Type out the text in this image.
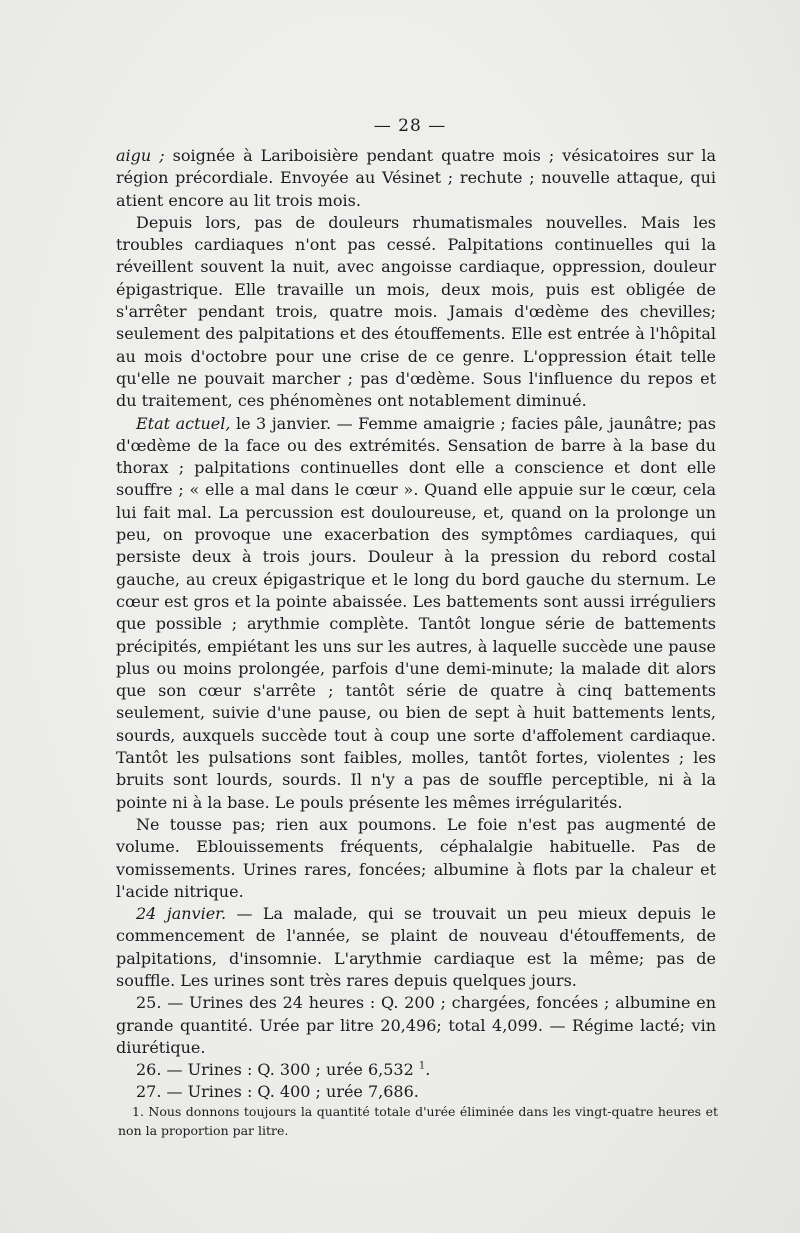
— 28 —

aigu ; soignée à Lariboisière pendant quatre mois ; vésicatoires sur la région précordiale. Envoyée au Vésinet ; rechute ; nouvelle attaque, qui atient encore au lit trois mois.

Depuis lors, pas de douleurs rhumatismales nouvelles. Mais les troubles cardiaques n'ont pas cessé. Palpitations continuelles qui la réveillent souvent la nuit, avec angoisse cardiaque, oppression, douleur épigastrique. Elle travaille un mois, deux mois, puis est obligée de s'arrêter pendant trois, quatre mois. Jamais d'œdème des chevilles; seulement des palpitations et des étouffements. Elle est entrée à l'hôpital au mois d'octobre pour une crise de ce genre. L'oppression était telle qu'elle ne pouvait marcher ; pas d'œdème. Sous l'influence du repos et du traitement, ces phénomènes ont notablement diminué.

Etat actuel, le 3 janvier. — Femme amaigrie ; facies pâle, jaunâtre; pas d'œdème de la face ou des extrémités. Sensation de barre à la base du thorax ; palpitations continuelles dont elle a conscience et dont elle souffre ; « elle a mal dans le cœur ». Quand elle appuie sur le cœur, cela lui fait mal. La percussion est douloureuse, et, quand on la prolonge un peu, on provoque une exacerbation des symptômes cardiaques, qui persiste deux à trois jours. Douleur à la pression du rebord costal gauche, au creux épigastrique et le long du bord gauche du sternum. Le cœur est gros et la pointe abaissée. Les battements sont aussi irréguliers que possible ; arythmie complète. Tantôt longue série de battements précipités, empiétant les uns sur les autres, à laquelle succède une pause plus ou moins prolongée, parfois d'une demi-minute; la malade dit alors que son cœur s'arrête ; tantôt série de quatre à cinq battements seulement, suivie d'une pause, ou bien de sept à huit battements lents, sourds, auxquels succède tout à coup une sorte d'affolement cardiaque. Tantôt les pulsations sont faibles, molles, tantôt fortes, violentes ; les bruits sont lourds, sourds. Il n'y a pas de souffle perceptible, ni à la pointe ni à la base. Le pouls présente les mêmes irrégularités.

Ne tousse pas; rien aux poumons. Le foie n'est pas augmenté de volume. Eblouissements fréquents, céphalalgie habituelle. Pas de vomissements. Urines rares, foncées; albumine à flots par la chaleur et l'acide nitrique.

24 janvier. — La malade, qui se trouvait un peu mieux depuis le commencement de l'année, se plaint de nouveau d'étouffements, de palpitations, d'insomnie. L'arythmie cardiaque est la même; pas de souffle. Les urines sont très rares depuis quelques jours.

25. — Urines des 24 heures : Q. 200 ; chargées, foncées ; albumine en grande quantité. Urée par litre 20,496; total 4,099. — Régime lacté; vin diurétique.

26. — Urines : Q. 300 ; urée 6,532 $^1$.

27. — Urines : Q. 400 ; urée 7,686.

1. Nous donnons toujours la quantité totale d'urée éliminée dans les vingt-quatre heures et non la proportion par litre.
